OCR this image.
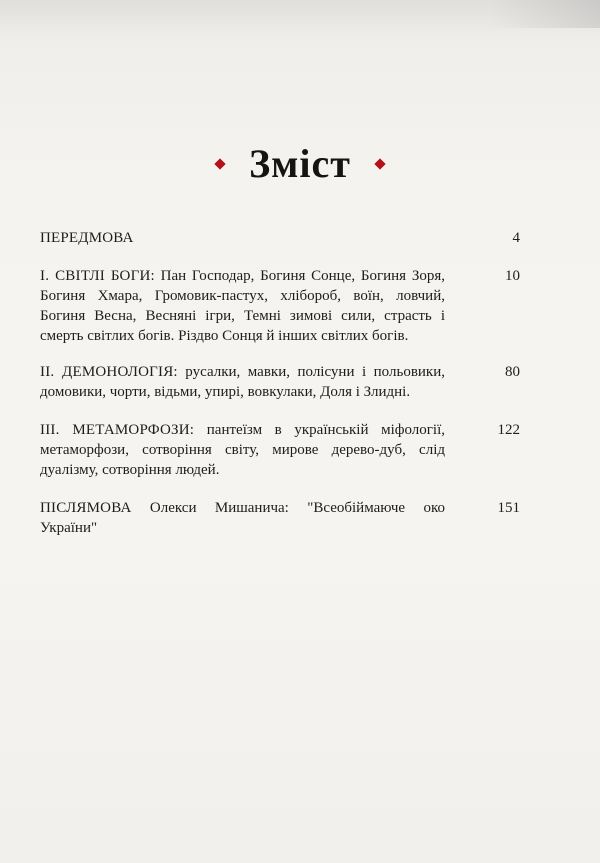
Зміст
ПЕРЕДМОВА	4
І. СВІТЛІ БОГИ: Пан Господар, Богиня Сонце, Богиня Зоря, Богиня Хмара, Громовик-пастух, хлібороб, воїн, ловчий, Богиня Весна, Весняні ігри, Темні зимові сили, страсть і смерть світлих богів. Різдво Сонця й інших світлих богів.
10
ІІ. ДЕМОНОЛОГІЯ: русалки, мавки, полісуни і польовики, домовики, чорти, відьми, упирі, вовкулаки, Доля і Злидні.
80
ІІІ. МЕТАМОРФОЗИ: пантеїзм в українській міфології, метаморфози, сотворіння світу, мирове дерево-дуб, слід дуалізму, сотворіння людей.
122
ПІСЛЯМОВА Олекси Мишанича: "Всеобіймаюче око України"
151
